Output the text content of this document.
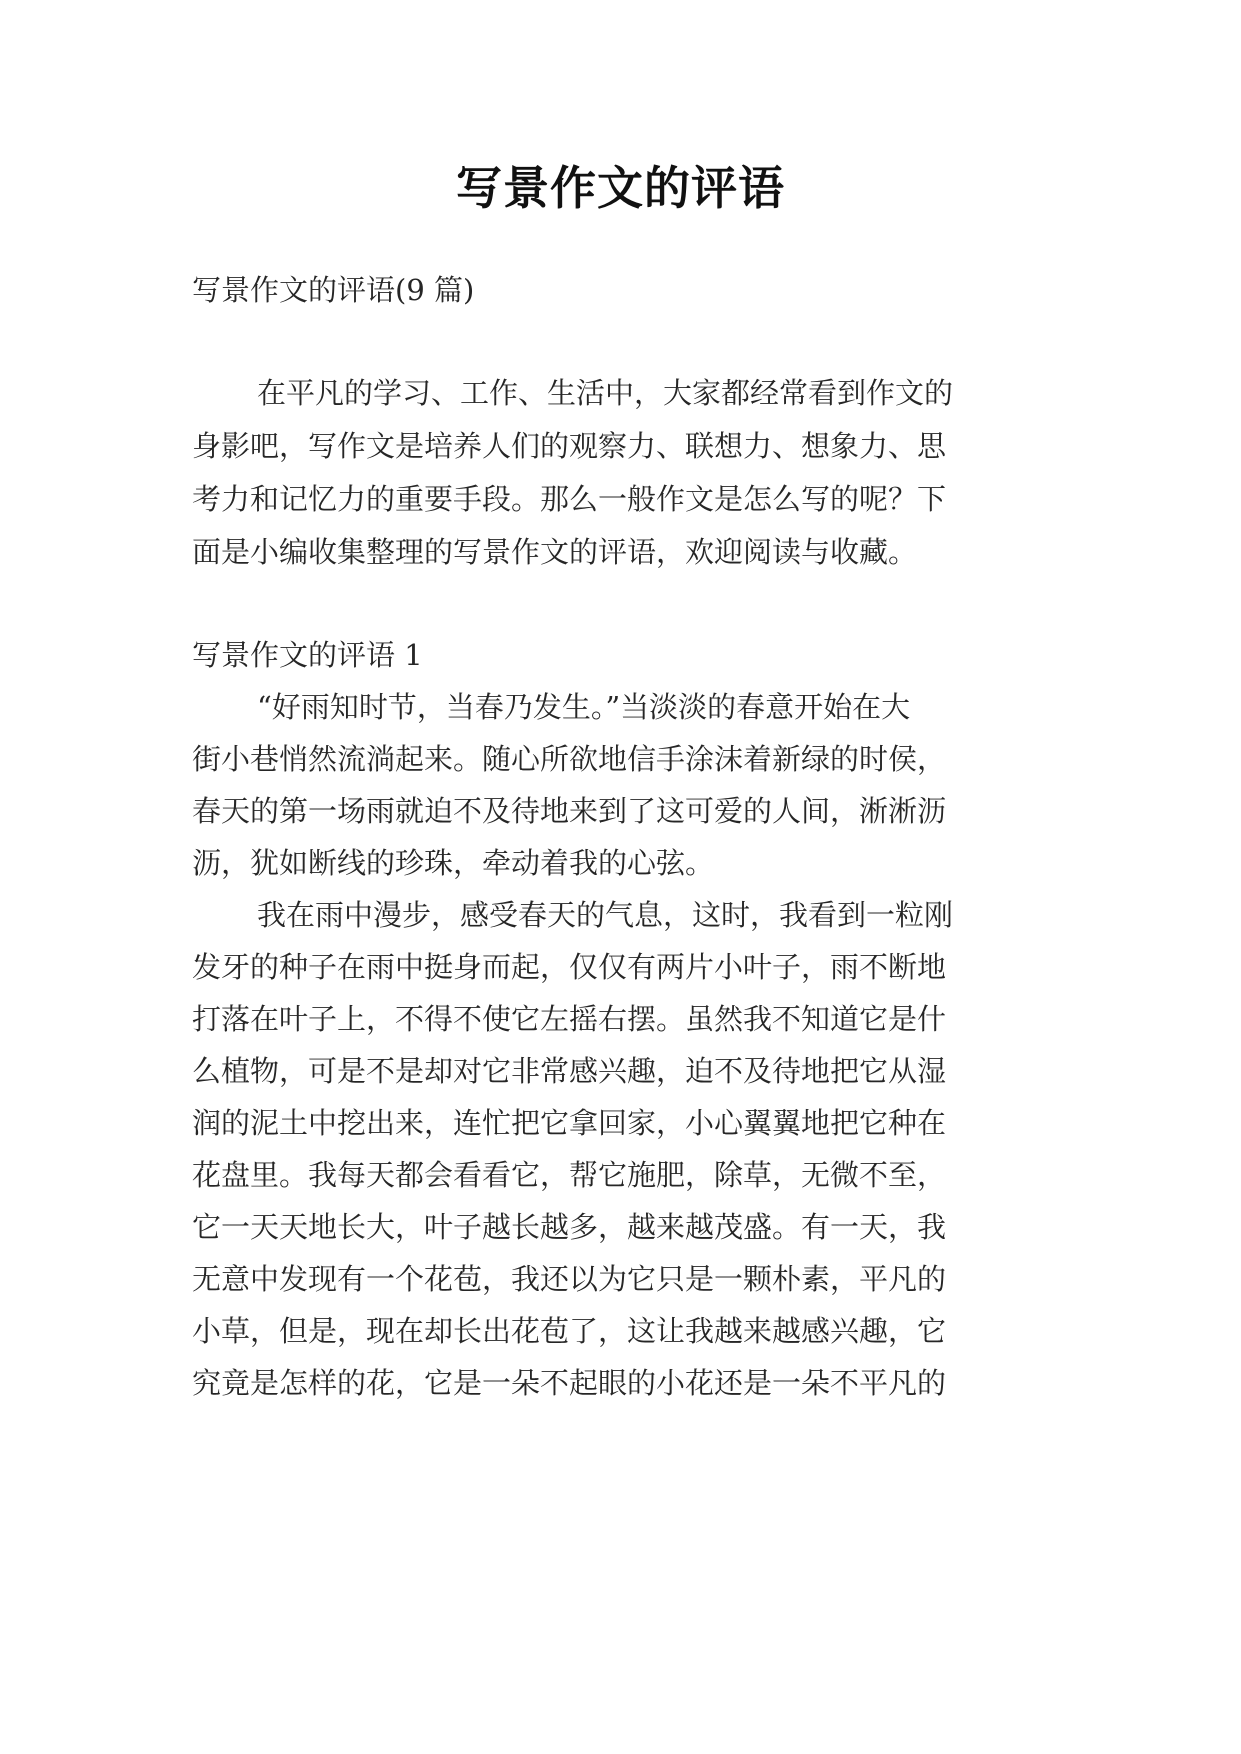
写景作文的评语
写景作文的评语(9 篇)
在平凡的学习、工作、生活中，大家都经常看到作文的
身影吧，写作文是培养人们的观察力、联想力、想象力、思
考力和记忆力的重要手段。那么一般作文是怎么写的呢？下
面是小编收集整理的写景作文的评语，欢迎阅读与收藏。
写景作文的评语 1
“好雨知时节，当春乃发生。”当淡淡的春意开始在大
街小巷悄然流淌起来。随心所欲地信手涂沫着新绿的时侯，
春天的第一场雨就迫不及待地来到了这可爱的人间，淅淅沥
沥，犹如断线的珍珠，牵动着我的心弦。
我在雨中漫步，感受春天的气息，这时，我看到一粒刚
发牙的种子在雨中挺身而起，仅仅有两片小叶子，雨不断地
打落在叶子上，不得不使它左摇右摆。虽然我不知道它是什
么植物，可是不是却对它非常感兴趣，迫不及待地把它从湿
润的泥土中挖出来，连忙把它拿回家，小心翼翼地把它种在
花盘里。我每天都会看看它，帮它施肥，除草，无微不至，
它一天天地长大，叶子越长越多，越来越茂盛。有一天，我
无意中发现有一个花苞，我还以为它只是一颗朴素，平凡的
小草，但是，现在却长出花苞了，这让我越来越感兴趣，它
究竟是怎样的花，它是一朵不起眼的小花还是一朵不平凡的
